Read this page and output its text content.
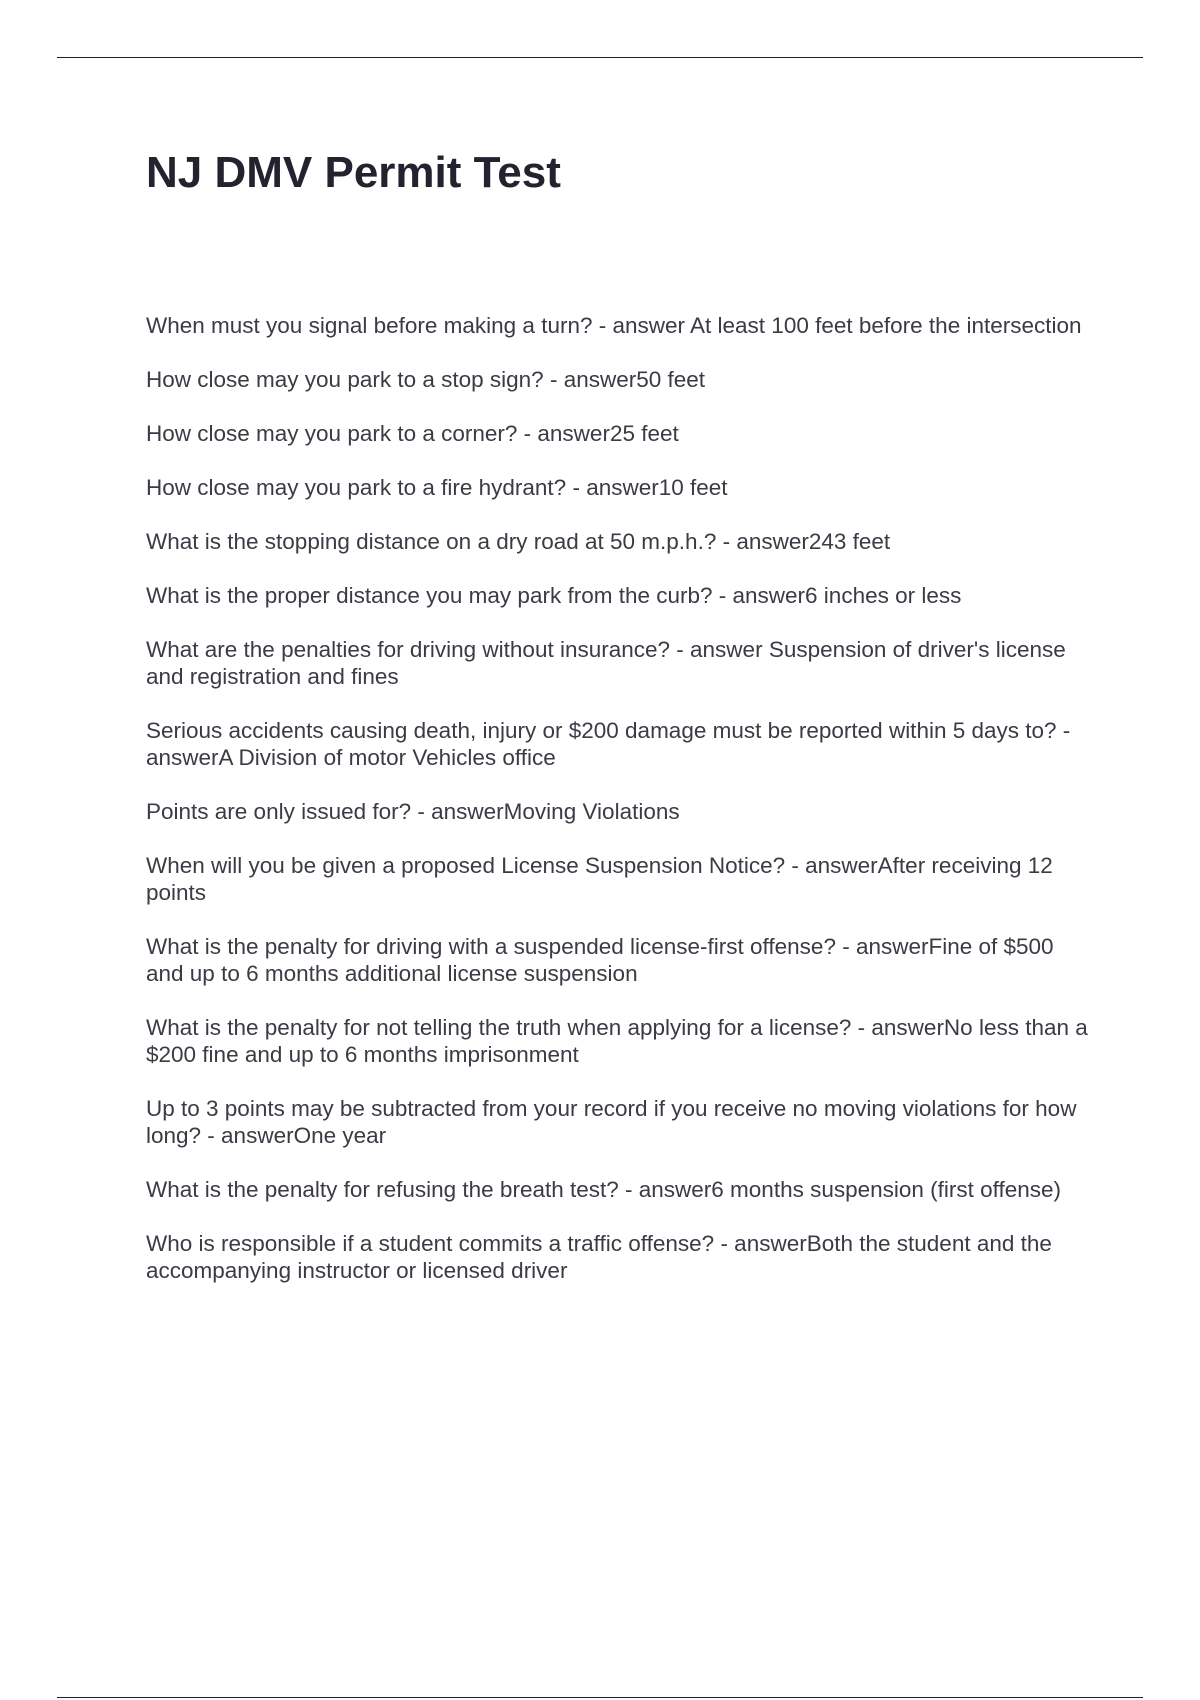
NJ DMV Permit Test

When must you signal before making a turn? - answer At least 100 feet before the intersection

How close may you park to a stop sign? - answer50 feet

How close may you park to a corner? - answer25 feet

How close may you park to a fire hydrant? - answer10 feet

What is the stopping distance on a dry road at 50 m.p.h.? - answer243 feet

What is the proper distance you may park from the curb? - answer6 inches or less

What are the penalties for driving without insurance? - answer Suspension of driver's license and registration and fines

Serious accidents causing death, injury or $200 damage must be reported within 5 days to? - answerA Division of motor Vehicles office

Points are only issued for? - answerMoving Violations

When will you be given a proposed License Suspension Notice? - answerAfter receiving 12 points

What is the penalty for driving with a suspended license-first offense? - answerFine of $500 and up to 6 months additional license suspension

What is the penalty for not telling the truth when applying for a license? - answerNo less than a $200 fine and up to 6 months imprisonment

Up to 3 points may be subtracted from your record if you receive no moving violations for how long? - answerOne year

What is the penalty for refusing the breath test? - answer6 months suspension (first offense)

Who is responsible if a student commits a traffic offense? - answerBoth the student and the accompanying instructor or licensed driver
